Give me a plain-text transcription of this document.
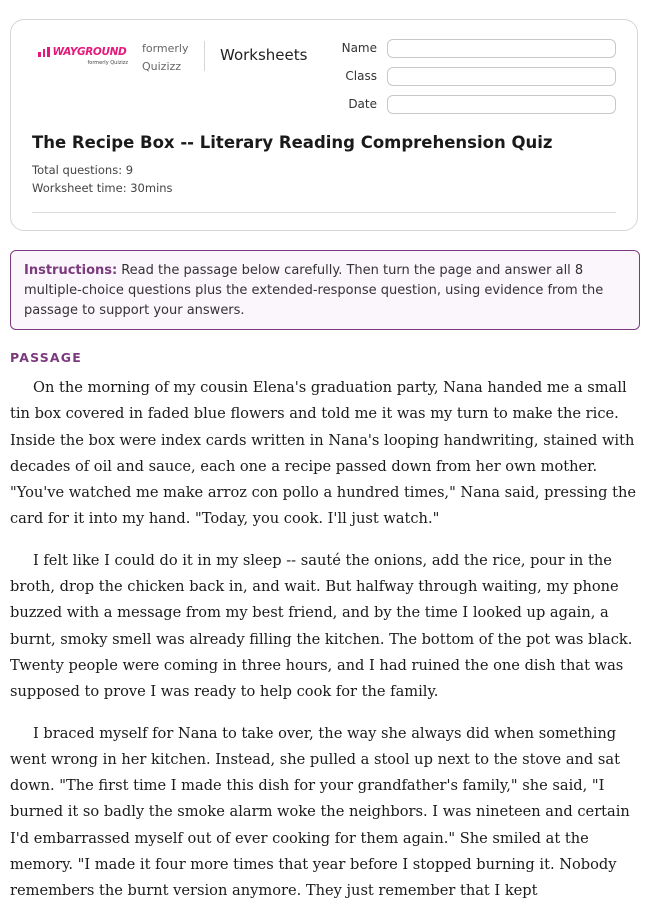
WAYGROUND
formerly Quizizz
formerly
Quizizz
Worksheets	Name
Class
Date
The Recipe Box -- Literary Reading Comprehension Quiz
Total questions: 9
Worksheet time: 30mins
Instructions: Read the passage below carefully. Then turn the page and answer all 8 multiple-choice questions plus the extended-response question, using evidence from the passage to support your answers.
PASSAGE

On the morning of my cousin Elena's graduation party, Nana handed me a small tin box covered in faded blue flowers and told me it was my turn to make the rice. Inside the box were index cards written in Nana's looping handwriting, stained with decades of oil and sauce, each one a recipe passed down from her own mother. "You've watched me make arroz con pollo a hundred times," Nana said, pressing the card for it into my hand. "Today, you cook. I'll just watch."

I felt like I could do it in my sleep -- sauté the onions, add the rice, pour in the broth, drop the chicken back in, and wait. But halfway through waiting, my phone buzzed with a message from my best friend, and by the time I looked up again, a burnt, smoky smell was already filling the kitchen. The bottom of the pot was black. Twenty people were coming in three hours, and I had ruined the one dish that was supposed to prove I was ready to help cook for the family.

I braced myself for Nana to take over, the way she always did when something went wrong in her kitchen. Instead, she pulled a stool up next to the stove and sat down. "The first time I made this dish for your grandfather's family," she said, "I burned it so badly the smoke alarm woke the neighbors. I was nineteen and certain I'd embarrassed myself out of ever cooking for them again." She smiled at the memory. "I made it four more times that year before I stopped burning it. Nobody remembers the burnt version anymore. They just remember that I kept
